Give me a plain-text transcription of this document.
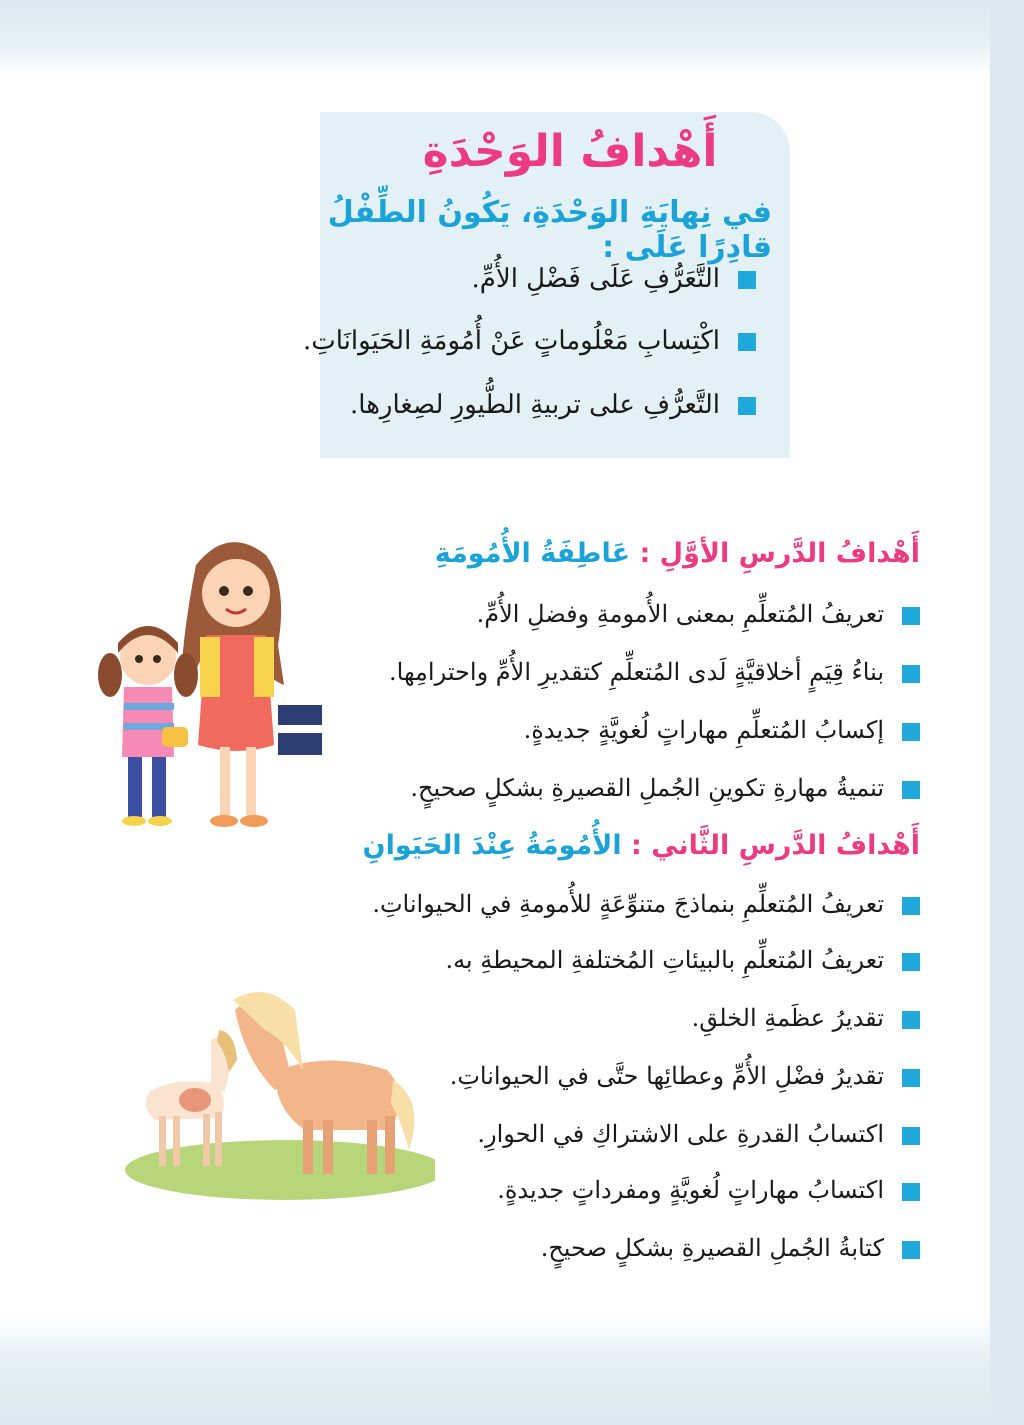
أَهْدافُ الوَحْدَةِ
في نِهايَةِ الوَحْدَةِ، يَكُونُ الطِّفْلُ قادِرًا عَلَى :
التَّعَرُّفِ عَلَى فَضْلِ الأُمِّ.
اكْتِسابِ مَعْلُوماتٍ عَنْ أُمُومَةِ الحَيَوانَاتِ.
التَّعرُّفِ على تربيةِ الطُّيورِ لصِغارِها.
أَهْدافُ الدَّرسِ الأوَّلِ : عَاطِفَةُ الأُمُومَةِ
تعريفُ المُتعلِّمِ بمعنى الأُمومةِ وفضلِ الأُمِّ.
بناءُ قِيَمٍ أخلاقيَّةٍ لَدى المُتعلِّمِ كتقديرِ الأُمِّ واحترامِها.
إكسابُ المُتعلِّمِ مهاراتٍ لُغويَّةٍ جديدةٍ.
تنميةُ مهارةِ تكوينِ الجُملِ القصيرةِ بشكلٍ صحيحٍ.
أَهْدافُ الدَّرسِ الثَّاني : الأُمُومَةُ عِنْدَ الحَيَوانِ
تعريفُ المُتعلِّمِ بنماذجَ متنوِّعَةٍ للأُمومةِ في الحيواناتِ.
تعريفُ المُتعلِّمِ بالبيئاتِ المُختلفةِ المحيطةِ به.
تقديرُ عظَمةِ الخلقِ.
تقديرُ فضْلِ الأُمِّ وعطائِها حتَّى في الحيواناتِ.
اكتسابُ القدرةِ على الاشتراكِ في الحوارِ.
اكتسابُ مهاراتٍ لُغويَّةٍ ومفرداتٍ جديدةٍ.
كتابةُ الجُملِ القصيرةِ بشكلٍ صحيحٍ.
